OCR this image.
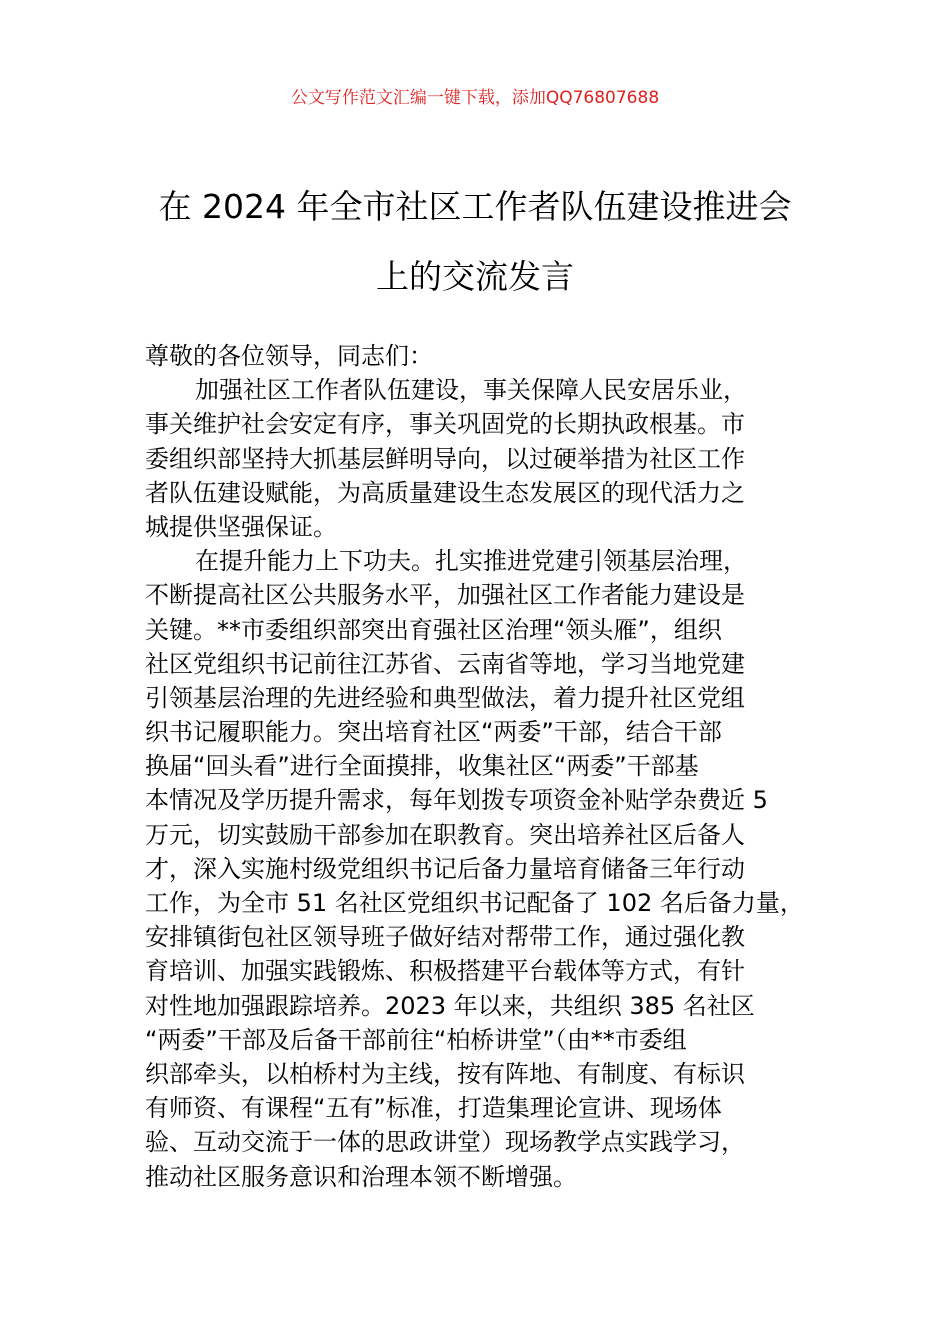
公文写作范文汇编一键下载，添加QQ76807688
在 2024 年全市社区工作者队伍建设推进会
上的交流发言
尊敬的各位领导，同志们：
加强社区工作者队伍建设，事关保障人民安居乐业，
事关维护社会安定有序，事关巩固党的长期执政根基。市
委组织部坚持大抓基层鲜明导向，以过硬举措为社区工作
者队伍建设赋能，为高质量建设生态发展区的现代活力之
城提供坚强保证。
在提升能力上下功夫。扎实推进党建引领基层治理，
不断提高社区公共服务水平，加强社区工作者能力建设是
关键。**市委组织部突出育强社区治理“领头雁”，组织
社区党组织书记前往江苏省、云南省等地，学习当地党建
引领基层治理的先进经验和典型做法，着力提升社区党组
织书记履职能力。突出培育社区“两委”干部，结合干部
换届“回头看”进行全面摸排，收集社区“两委”干部基
本情况及学历提升需求，每年划拨专项资金补贴学杂费近 5
万元，切实鼓励干部参加在职教育。突出培养社区后备人
才，深入实施村级党组织书记后备力量培育储备三年行动
工作，为全市 51 名社区党组织书记配备了 102 名后备力量，
安排镇街包社区领导班子做好结对帮带工作，通过强化教
育培训、加强实践锻炼、积极搭建平台载体等方式，有针
对性地加强跟踪培养。2023 年以来，共组织 385 名社区
“两委”干部及后备干部前往“柏桥讲堂”（由**市委组
织部牵头，以柏桥村为主线，按有阵地、有制度、有标识
有师资、有课程“五有”标准，打造集理论宣讲、现场体
验、互动交流于一体的思政讲堂）现场教学点实践学习，
推动社区服务意识和治理本领不断增强。
